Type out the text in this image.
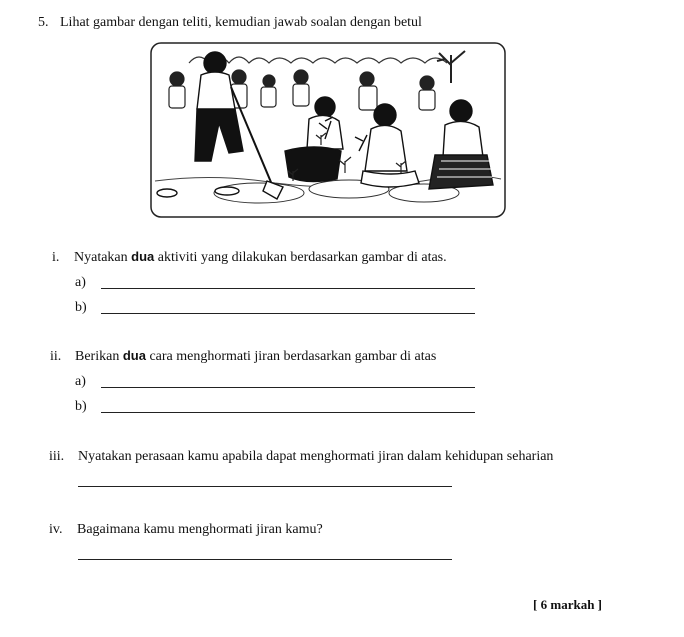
5. Lihat gambar dengan teliti, kemudian jawab soalan dengan betul
i. Nyatakan dua aktiviti yang dilakukan berdasarkan gambar di atas.
a)
b)
ii. Berikan dua cara menghormati jiran berdasarkan gambar di atas
a)
b)
iii. Nyatakan perasaan kamu apabila dapat menghormati jiran dalam kehidupan seharian
iv. Bagaimana kamu menghormati jiran kamu?
[ 6 markah ]
